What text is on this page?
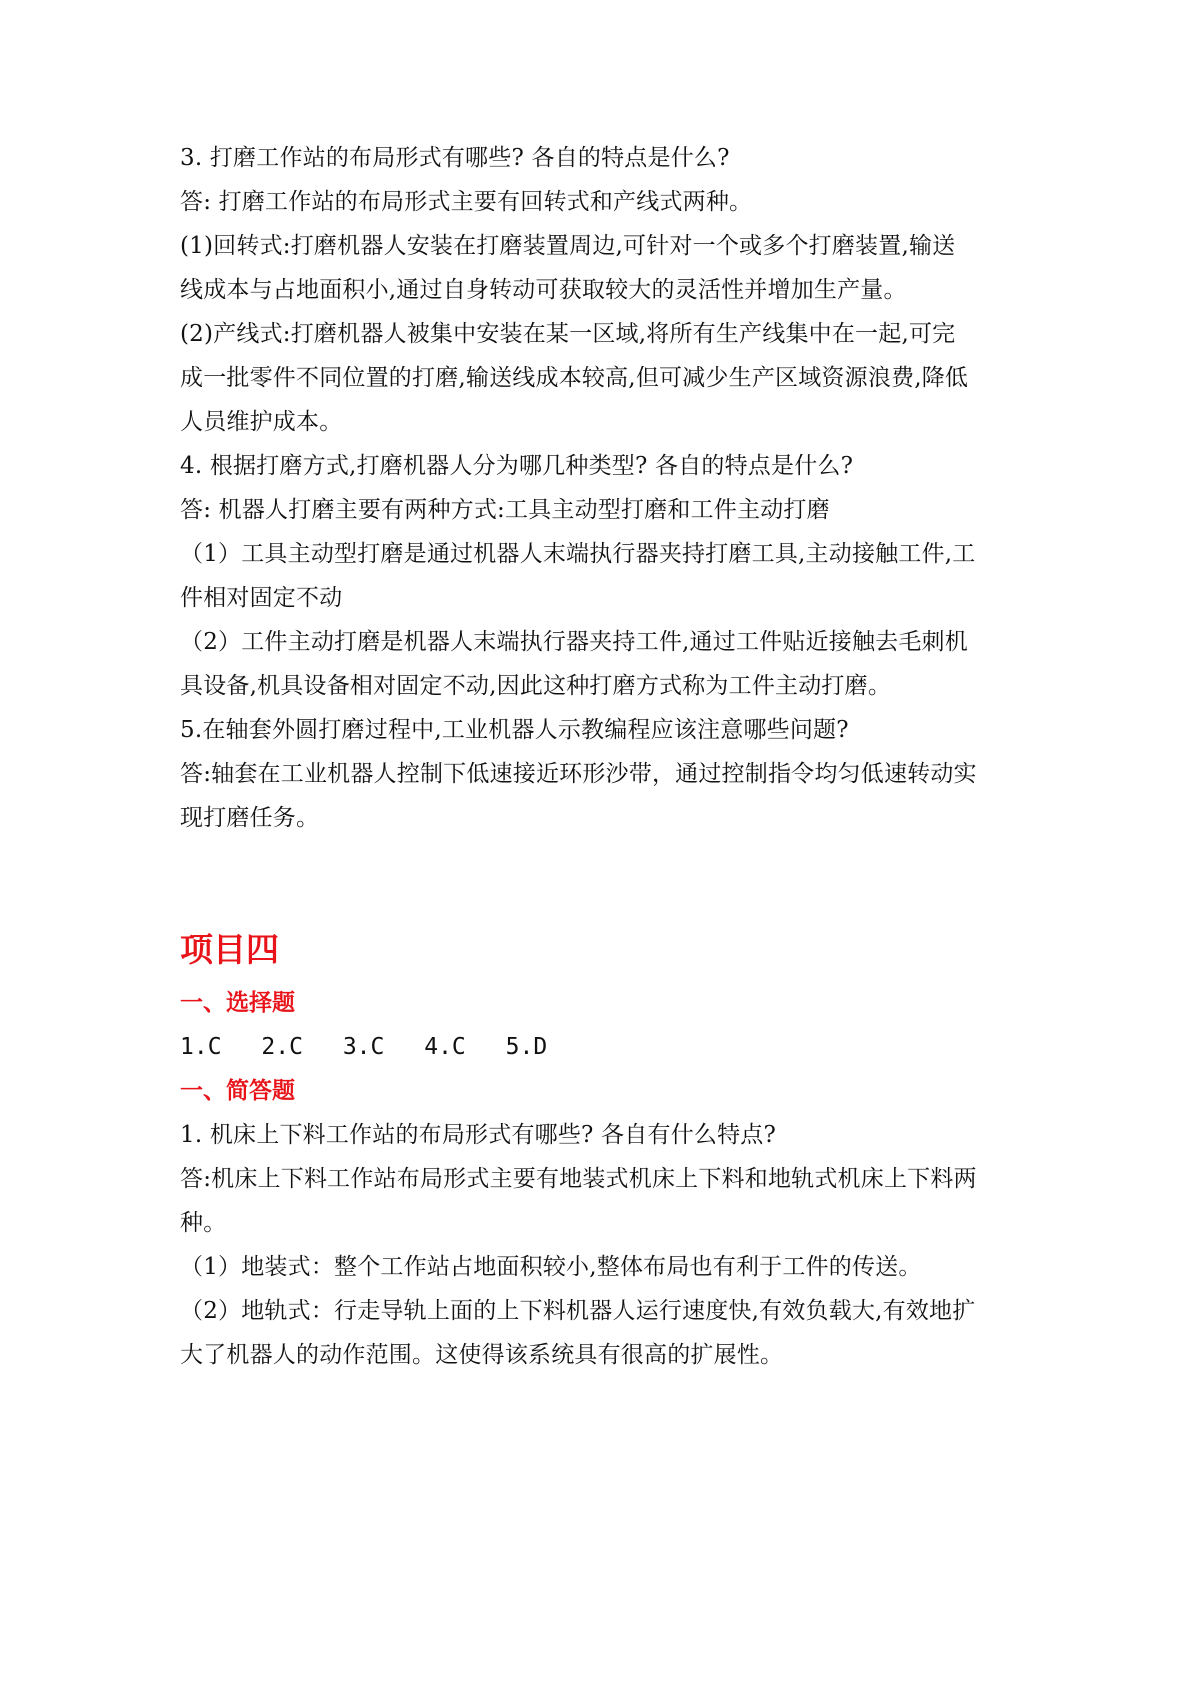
3. 打磨工作站的布局形式有哪些? 各自的特点是什么?
答: 打磨工作站的布局形式主要有回转式和产线式两种。
(1)回转式:打磨机器人安装在打磨装置周边,可针对一个或多个打磨装置,输送
线成本与占地面积小,通过自身转动可获取较大的灵活性并增加生产量。
(2)产线式:打磨机器人被集中安装在某一区域,将所有生产线集中在一起,可完
成一批零件不同位置的打磨,输送线成本较高,但可减少生产区域资源浪费,降低
人员维护成本。
4. 根据打磨方式,打磨机器人分为哪几种类型? 各自的特点是什么?
答: 机器人打磨主要有两种方式:工具主动型打磨和工件主动打磨
（1）工具主动型打磨是通过机器人末端执行器夹持打磨工具,主动接触工件,工
件相对固定不动
（2）工件主动打磨是机器人末端执行器夹持工件,通过工件贴近接触去毛刺机
具设备,机具设备相对固定不动,因此这种打磨方式称为工件主动打磨。
5.在轴套外圆打磨过程中,工业机器人示教编程应该注意哪些问题?
答:轴套在工业机器人控制下低速接近环形沙带，通过控制指令均匀低速转动实
现打磨任务。
项目四
一、选择题
1.C 2.C 3.C 4.C 5.D
一、简答题
1. 机床上下料工作站的布局形式有哪些? 各自有什么特点?
答:机床上下料工作站布局形式主要有地装式机床上下料和地轨式机床上下料两
种。
（1）地装式：整个工作站占地面积较小,整体布局也有利于工件的传送。
（2）地轨式：行走导轨上面的上下料机器人运行速度快,有效负载大,有效地扩
大了机器人的动作范围。这使得该系统具有很高的扩展性。
